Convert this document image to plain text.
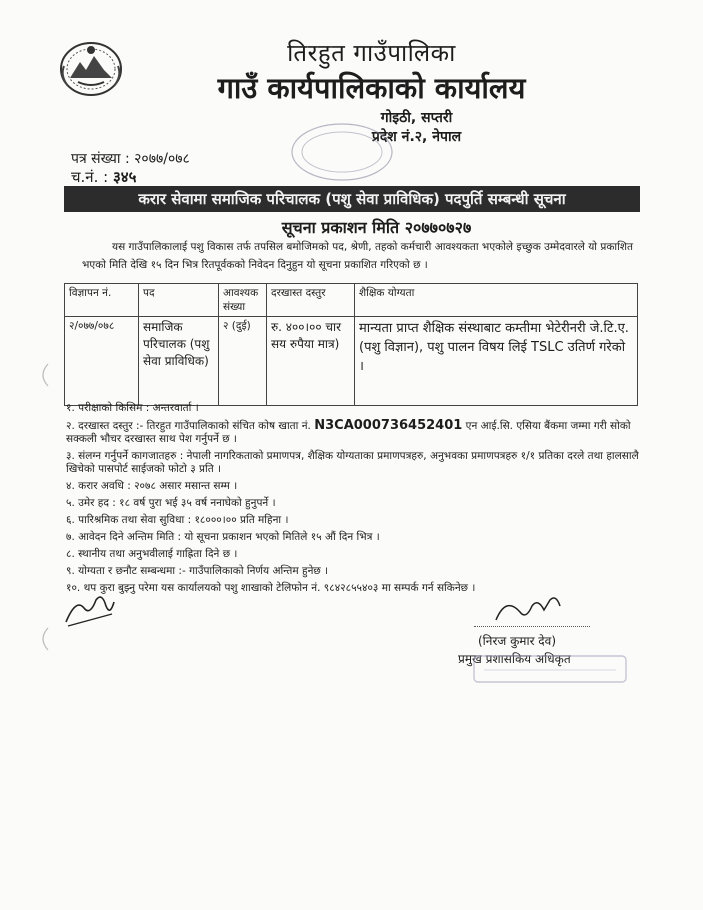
तिरहुत गाउँपालिका
गाउँ कार्यपालिकाको कार्यालय
गोइठी, सप्तरी
प्रदेश नं.२, नेपाल
पत्र संख्या : २०७७/०७८
च.नं. : ३४५
करार सेवामा समाजिक परिचालक (पशु सेवा प्राविधिक) पदपुर्ति सम्बन्धी सूचना
सूचना प्रकाशन मिति २०७७०७२७
यस गाउँपालिकालाई पशु विकास तर्फ तपसिल बमोजिमको पद, श्रेणी, तहको कर्मचारी आवश्यकता भएकोले इच्छुक उम्मेदवारले यो प्रकाशित भएको मिति देखि १५ दिन भित्र रितपूर्वकको निवेदन दिनुहुन यो सूचना प्रकाशित गरिएको छ ।
विज्ञापन नं.	पद	आवश्यक संख्या	दरखास्त दस्तुर	शैक्षिक योग्यता
२/०७७/०७८	समाजिक परिचालक (पशु सेवा प्राविधिक)	२ (दुई)	रु. ४००।०० चार सय रुपैया मात्र)	मान्यता प्राप्त शैक्षिक संस्थाबाट कम्तीमा भेटेरीनरी जे.टि.ए. (पशु विज्ञान), पशु पालन विषय लिई TSLC उतिर्ण गरेको ।
१. परीक्षाको किसिम : अन्तरवार्ता ।
२. दरखास्त दस्तुर :- तिरहुत गाउँपालिकाको संचित कोष खाता नं. N3CA000736452401 एन आई.सि. एसिया बैंकमा जम्मा गरी सोको सक्कली भौचर दरखास्त साथ पेश गर्नुपर्ने छ ।
३. संलग्न गर्नुपर्ने कागजातहरु : नेपाली नागरिकताको प्रमाणपत्र, शैक्षिक योग्यताका प्रमाणपत्रहरु, अनुभवका प्रमाणपत्रहरु १/१ प्रतिका दरले तथा हालसालै खिचेको पासपोर्ट साईजको फोटो ३ प्रति ।
४. करार अवधि : २०७८ असार मसान्त सम्म ।
५. उमेर हद : १८ वर्ष पुरा भई ३५ वर्ष ननाघेको हुनुपर्ने ।
६. पारिश्रमिक तथा सेवा सुविधा : १८०००।०० प्रति महिना ।
७. आवेदन दिने अन्तिम मिति : यो सूचना प्रकाशन भएको मितिले १५ औं दिन भित्र ।
८. स्थानीय तथा अनुभवीलाई गाह्रिता दिने छ ।
९. योग्यता र छनौट सम्बन्धमा :- गाउँपालिकाको निर्णय अन्तिम हुनेछ ।
१०. थप कुरा बुझ्नु परेमा यस कार्यालयको पशु शाखाको टेलिफोन नं. ९८४२८५५४०३ मा सम्पर्क गर्न सकिनेछ ।
(निरज कुमार देव)
प्रमुख प्रशासकिय अधिकृत
